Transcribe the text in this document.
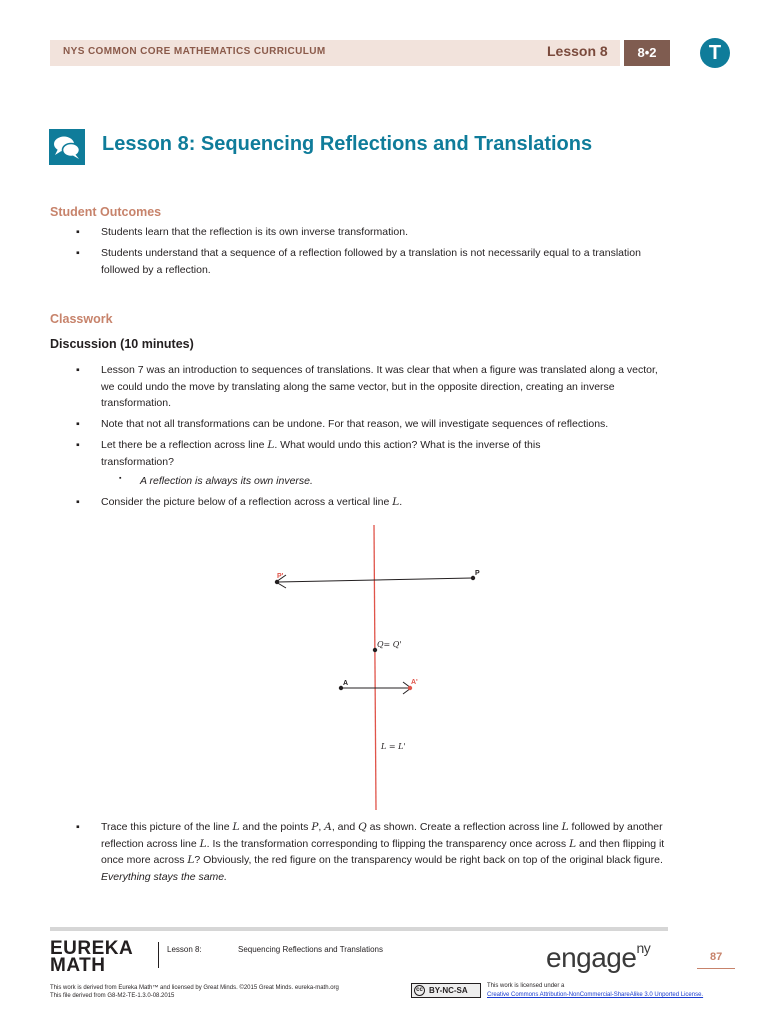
NYS COMMON CORE MATHEMATICS CURRICULUM	Lesson 8	8•2	T
Lesson 8: Sequencing Reflections and Translations
Student Outcomes
▪ Students learn that the reflection is its own inverse transformation.
▪ Students understand that a sequence of a reflection followed by a translation is not necessarily equal to a translation followed by a reflection.
Classwork
Discussion (10 minutes)
▪ Lesson 7 was an introduction to sequences of translations. It was clear that when a figure was translated along a vector, we could undo the move by translating along the same vector, but in the opposite direction, creating an inverse transformation.
▪ Note that not all transformations can be undone. For that reason, we will investigate sequences of reflections.
▪ Let there be a reflection across line L. What would undo this action? What is the inverse of this transformation?
▪ A reflection is always its own inverse.
▪ Consider the picture below of a reflection across a vertical line L.
P'	P
Q= Q'
A	A'
L = L'
▪ Trace this picture of the line L and the points P, A, and Q as shown. Create a reflection across line L followed by another reflection across line L. Is the transformation corresponding to flipping the transparency once across L and then flipping it once more across L? Obviously, the red figure on the transparency would be right back on top of the original black figure. Everything stays the same.
EUREKA
MATH
Lesson 8:	Sequencing Reflections and Translations	engage$^{ny}$
87
This work is derived from Eureka Math™ and licensed by Great Minds. ©2015 Great Minds. eureka-math.org
This file derived from G8-M2-TE-1.3.0-08.2015
cc BY-NC-SA	This work is licensed under a
Creative Commons Attribution-NonCommercial-ShareAlike 3.0 Unported License.
